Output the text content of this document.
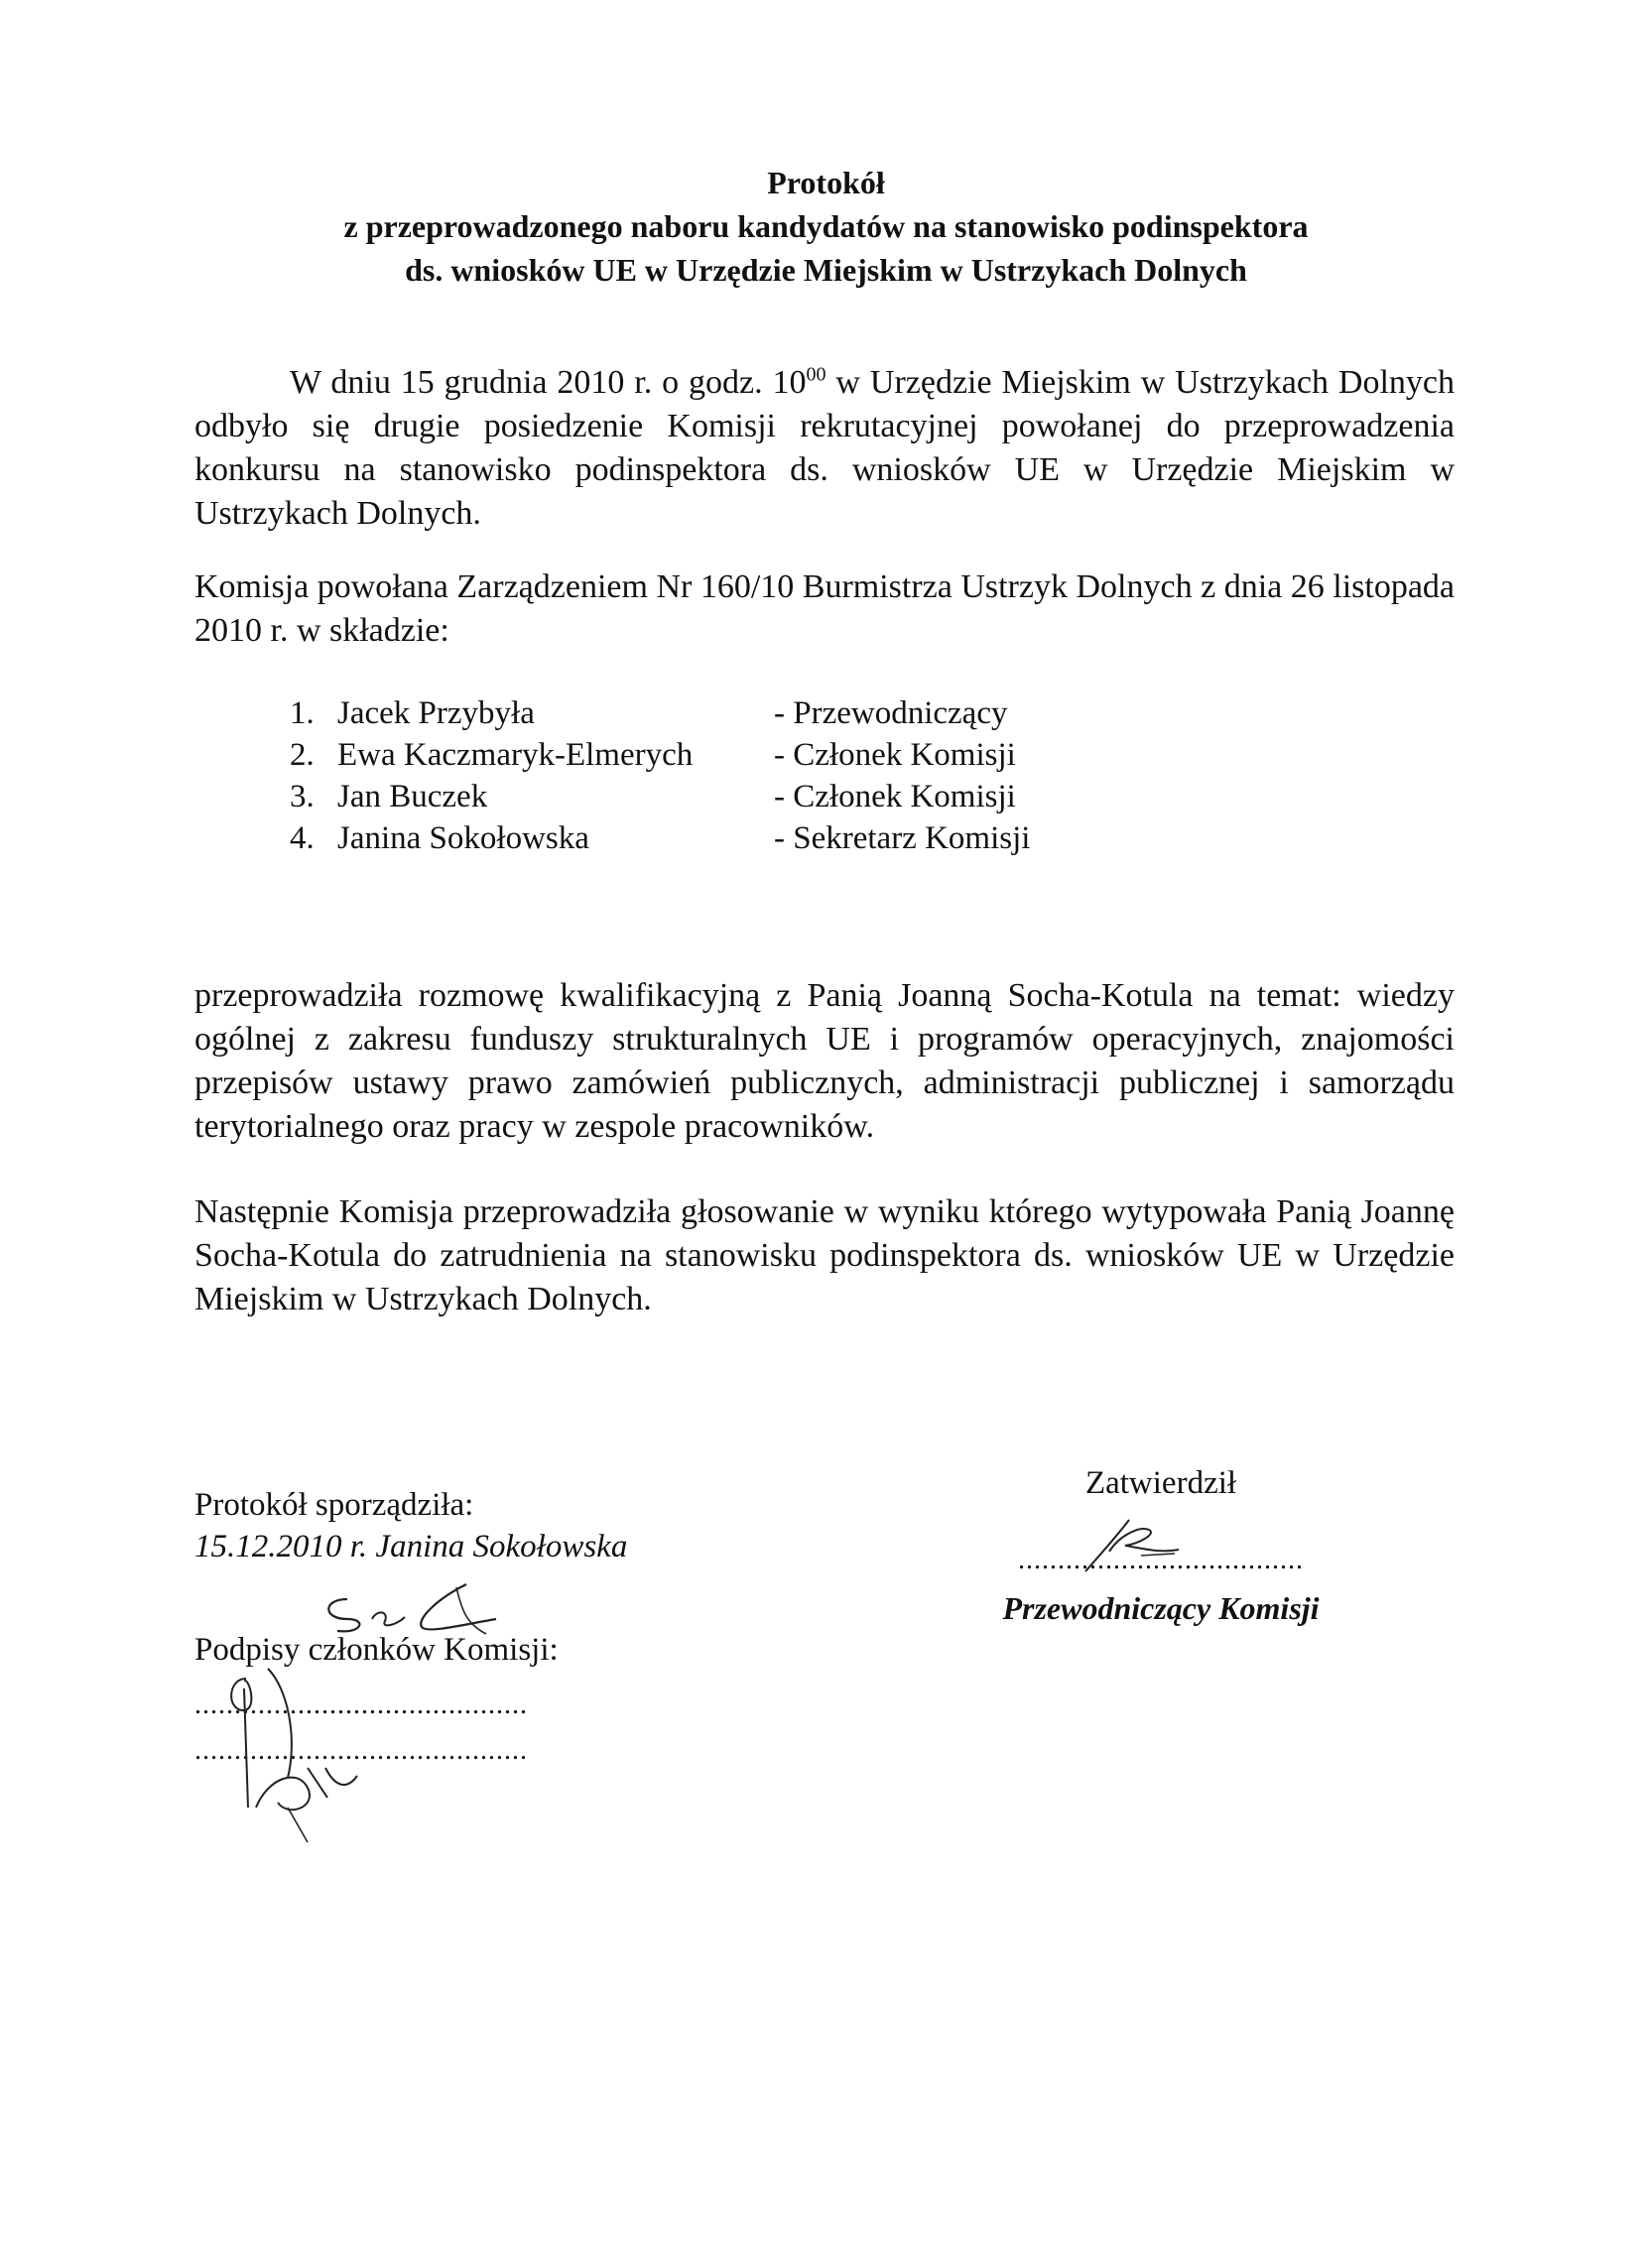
Protokół
z przeprowadzonego naboru kandydatów na stanowisko podinspektora
ds. wniosków UE w Urzędzie Miejskim w Ustrzykach Dolnych
W dniu 15 grudnia 2010 r. o godz. $10^{00}$ w Urzędzie Miejskim w Ustrzykach Dolnych odbyło się drugie posiedzenie Komisji rekrutacyjnej powołanej do przeprowadzenia konkursu na stanowisko podinspektora ds. wniosków UE w Urzędzie Miejskim w Ustrzykach Dolnych.
Komisja powołana Zarządzeniem Nr 160/10 Burmistrza Ustrzyk Dolnych z dnia 26 listopada 2010 r. w składzie:
1. Jacek Przybyła	- Przewodniczący
2. Ewa Kaczmaryk-Elmerych	- Członek Komisji
3. Jan Buczek	- Członek Komisji
4. Janina Sokołowska	- Sekretarz Komisji
przeprowadziła rozmowę kwalifikacyjną z Panią Joanną Socha-Kotula na temat: wiedzy ogólnej z zakresu funduszy strukturalnych UE i programów operacyjnych, znajomości przepisów ustawy prawo zamówień publicznych, administracji publicznej i samorządu terytorialnego oraz pracy w zespole pracowników.
Następnie Komisja przeprowadziła głosowanie w wyniku którego wytypowała Panią Joannę Socha-Kotula do zatrudnienia na stanowisku podinspektora ds. wniosków UE w Urzędzie Miejskim w Ustrzykach Dolnych.
Protokół sporządziła:
15.12.2010 r. Janina Sokołowska
Podpisy członków Komisji:
..........................................
..........................................
Zatwierdził
....................................
Przewodniczący Komisji
